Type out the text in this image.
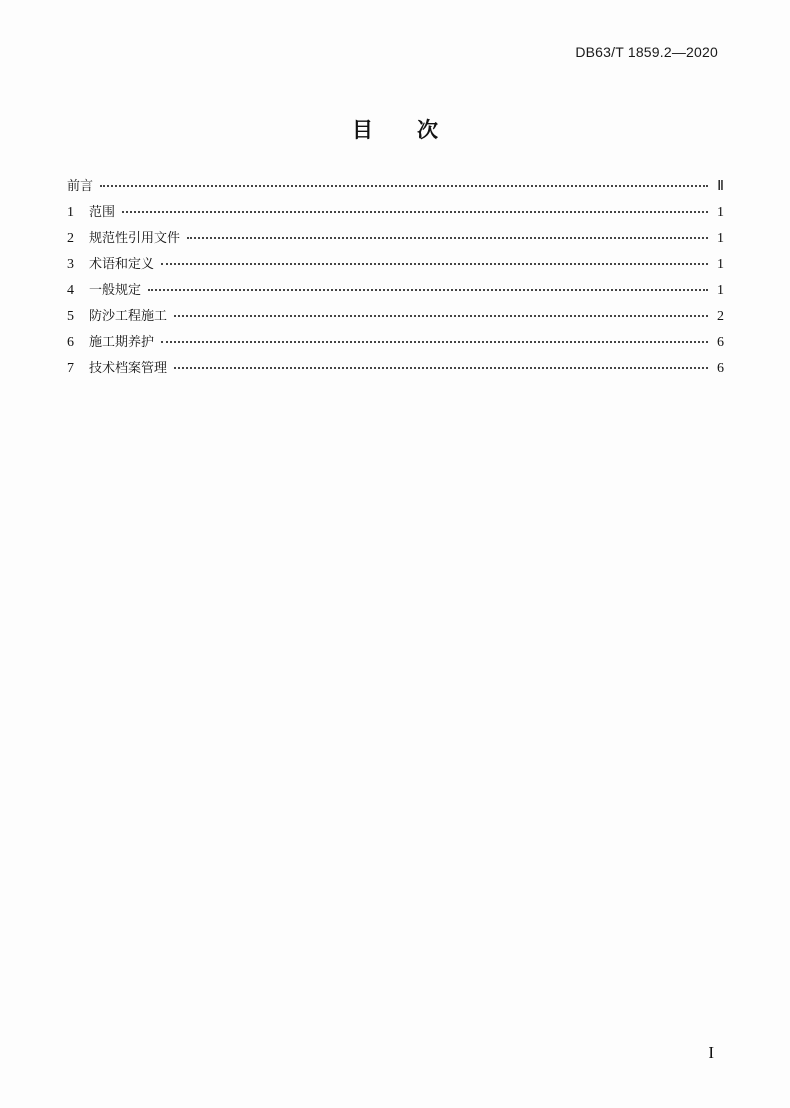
DB63/T 1859.2—2020
目 次
前言	Ⅱ
1	范围	1
2	规范性引用文件	1
3	术语和定义	1
4	一般规定	1
5	防沙工程施工	2
6	施工期养护	6
7	技术档案管理	6
I
